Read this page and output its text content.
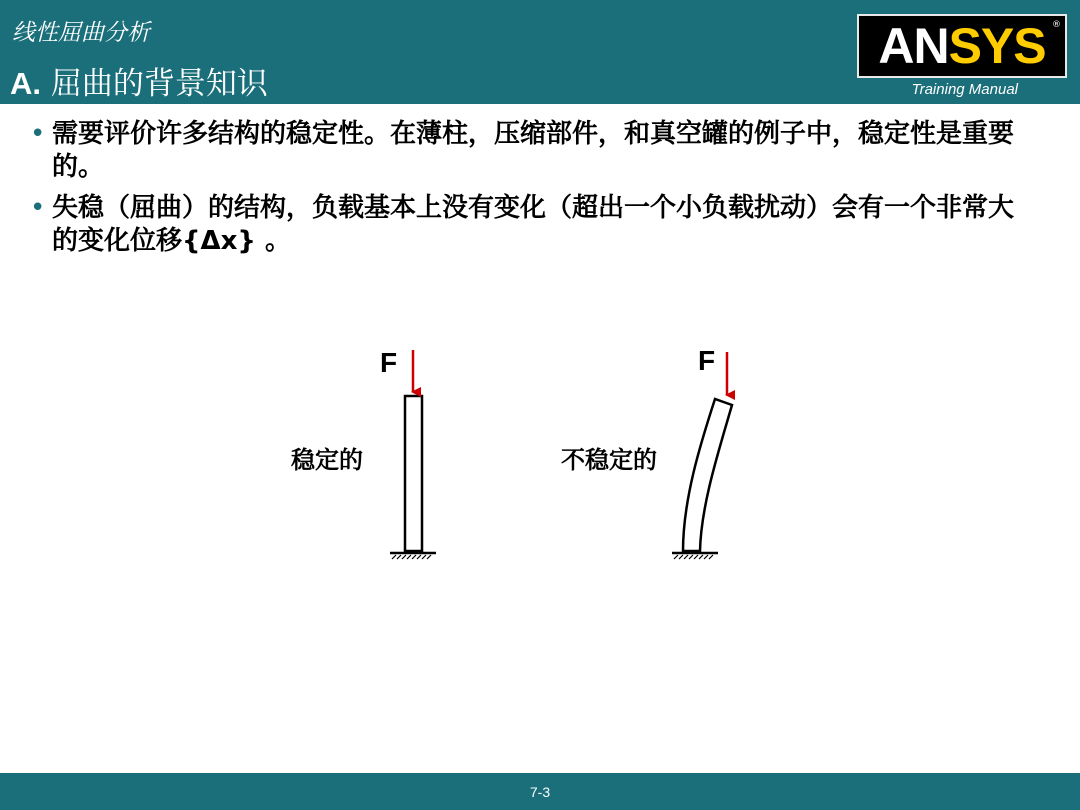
线性屈曲分析
A. 屈曲的背景知识
ANSYS ®
Training Manual
• 需要评价许多结构的稳定性。在薄柱，压缩部件，和真空罐的例子中，稳定性是重要的。
• 失稳（屈曲）的结构，负载基本上没有变化（超出一个小负载扰动）会有一个非常大的变化位移{Δx} 。
F	F
稳定的	不稳定的
7-3
